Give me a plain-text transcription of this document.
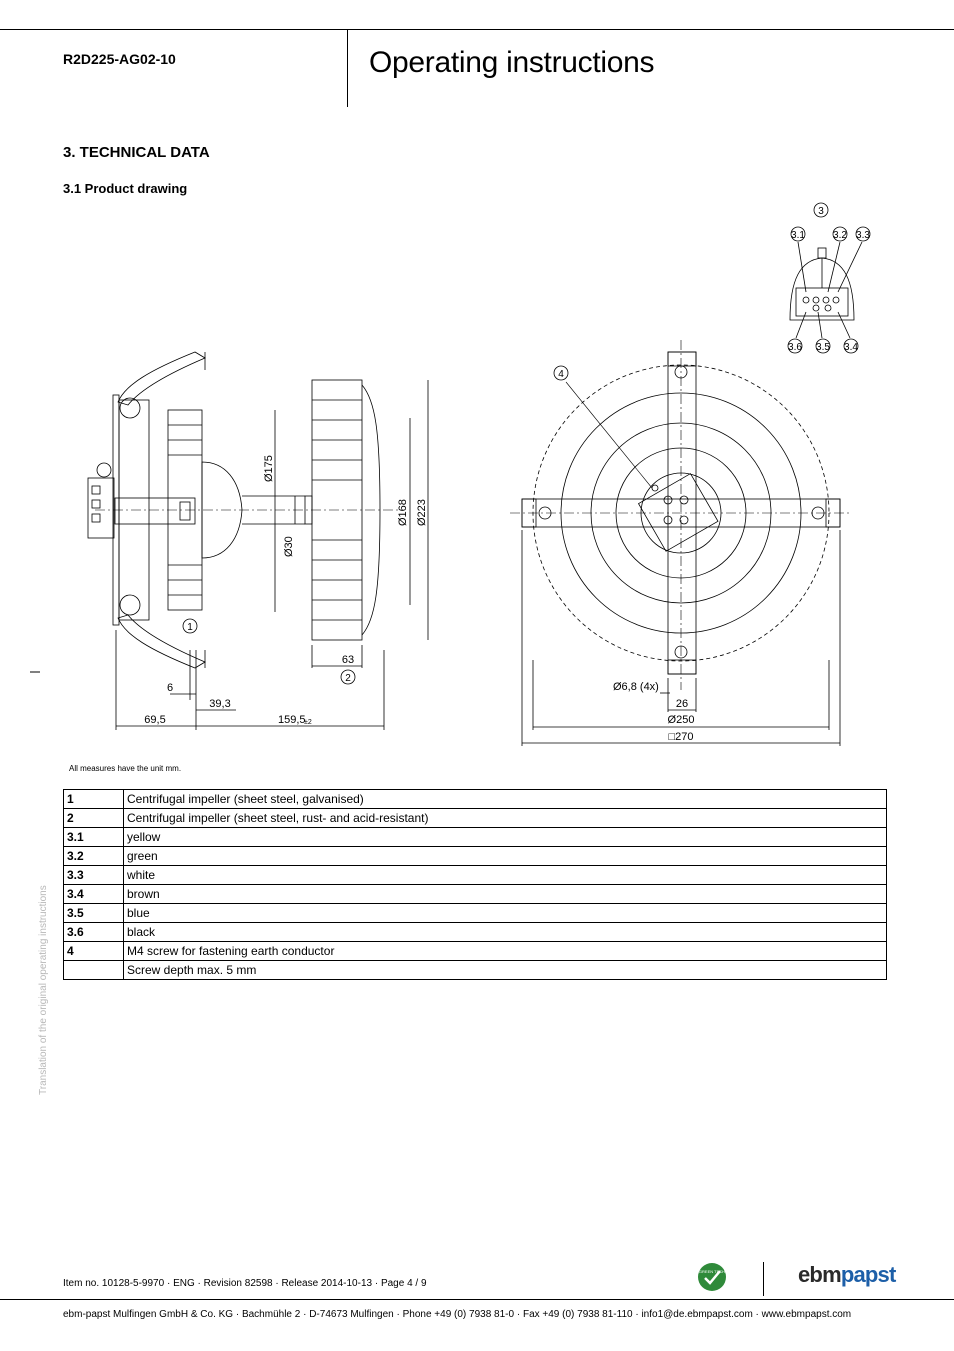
R2D225-AG02-10	Operating instructions
3. TECHNICAL DATA
3.1 Product drawing
1
2
3
3.1	3.2 3.3
3.6 3.5 3.4
4
Ø175
Ø30
Ø168 Ø223
63
6
39,3
69,5	159,5
±2
Ø6,8 (4x)
26
Ø250
□270
All measures have the unit mm.
1	Centrifugal impeller (sheet steel, galvanised)
2	Centrifugal impeller (sheet steel, rust- and acid-resistant)
3.1	yellow
3.2	green
3.3	white
3.4	brown
3.5	blue
3.6	black
4	M4 screw for fastening earth conductor
	Screw depth max. 5 mm
Translation of the original operating instructions
Item no. 10128-5-9970 · ENG · Revision 82598 · Release 2014-10-13 · Page 4 / 9
GREEN TECH	ebmpapst
ebm-papst Mulfingen GmbH & Co. KG · Bachmühle 2 · D-74673 Mulfingen · Phone +49 (0) 7938 81-0 · Fax +49 (0) 7938 81-110 · info1@de.ebmpapst.com · www.ebmpapst.com
